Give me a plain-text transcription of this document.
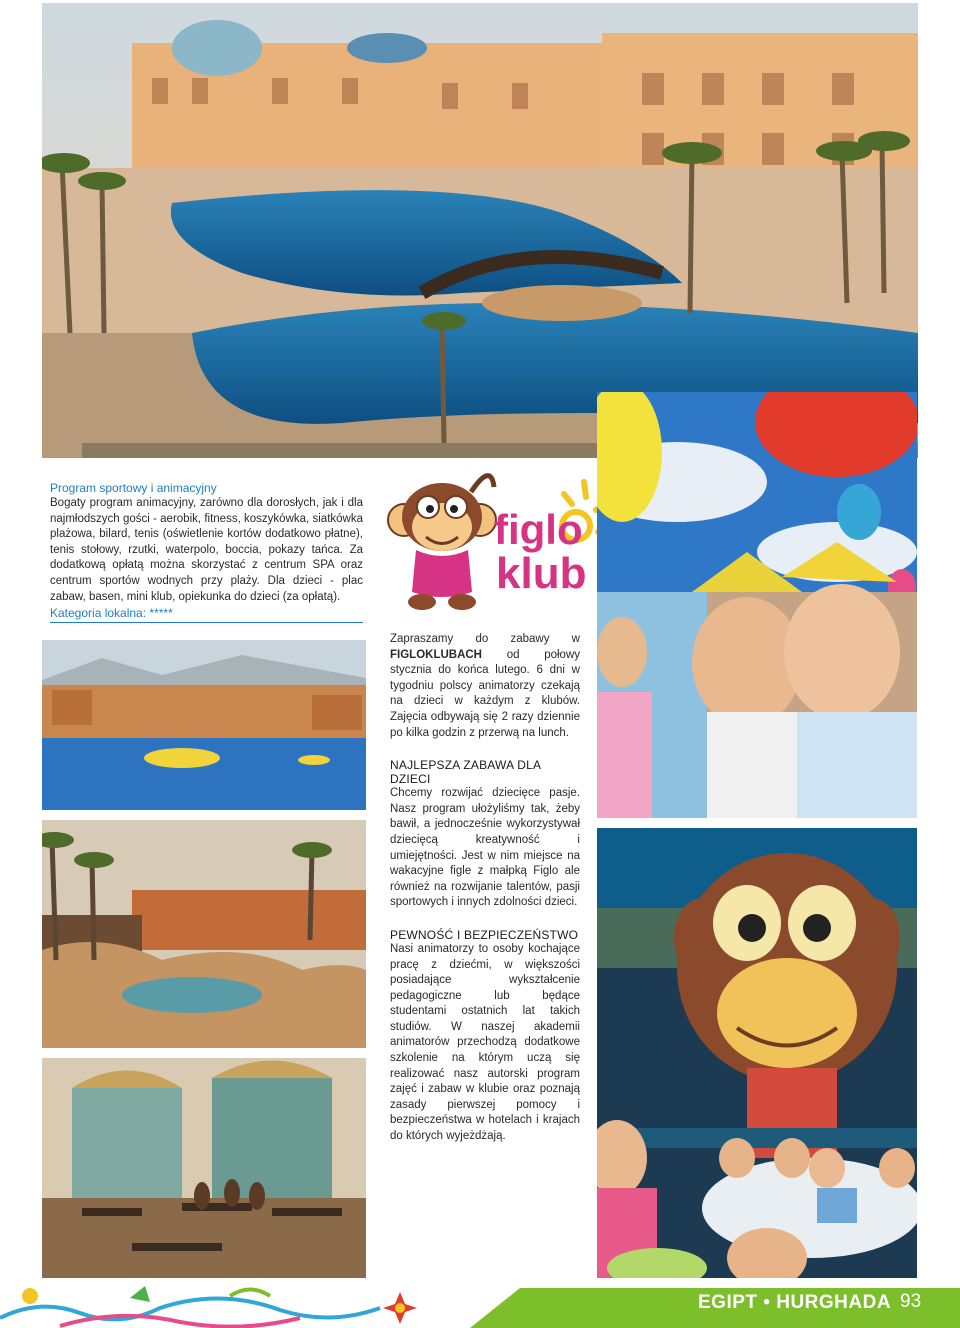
Program sportowy i animacyjny
Bogaty program animacyjny, zarówno dla dorosłych, jak i dla najmłodszych gości - aerobik, fitness, koszykówka, siatkówka plażowa, bilard, tenis (oświetlenie kortów dodatkowo płatne), tenis stołowy, rzutki, waterpolo, boccia, pokazy tańca. Za dodatkową opłatą można skorzystać z centrum SPA oraz centrum sportów wodnych przy plaży. Dla dzieci - plac zabaw, basen, mini klub, opiekunka do dzieci (za opłatą).
Kategoria lokalna: *****
figlo
klub
Zapraszamy do zabawy w FIGLOKLUBACH od połowy stycznia do końca lutego. 6 dni w tygodniu polscy animatorzy czekają na dzieci w każdym z klubów. Zajęcia odbywają się 2 razy dziennie po kilka godzin z przerwą na lunch.
NAJLEPSZA ZABAWA DLA DZIECI
Chcemy rozwijać dziecięce pasje. Nasz program ułożyliśmy tak, żeby bawił, a jednocześnie wykorzystywał dziecięcą kreatywność i umiejętności. Jest w nim miejsce na wakacyjne figle z małpką Figlo ale również na rozwijanie talentów, pasji sportowych i innych zdolności dzieci.
PEWNOŚĆ I BEZPIECZEŃSTWO
Nasi animatorzy to osoby kochające pracę z dziećmi, w większości posiadające wykształcenie pedagogiczne lub będące studentami ostatnich lat takich studiów. W naszej akademii animatorów przechodzą dodatkowe szkolenie na którym uczą się realizować nasz autorski program zajęć i zabaw w klubie oraz poznają zasady pierwszej pomocy i bezpieczeństwa w hotelach i krajach do których wyjeżdżają.
EGIPT • HURGHADA 93
